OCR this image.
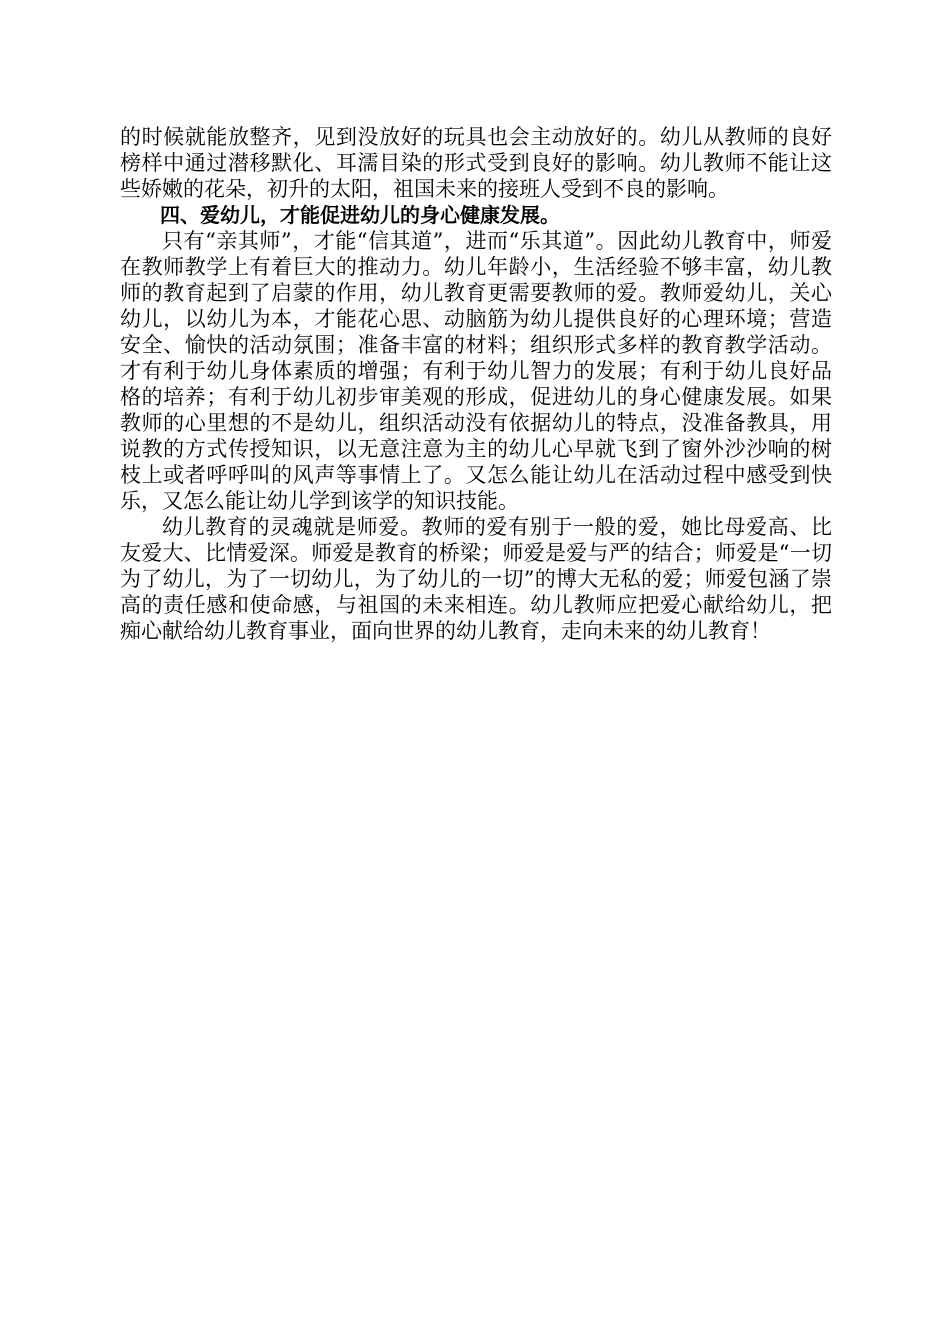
的时候就能放整齐，见到没放好的玩具也会主动放好的。幼儿从教师的良好榜样中通过潜移默化、耳濡目染的形式受到良好的影响。幼儿教师不能让这些娇嫩的花朵，初升的太阳，祖国未来的接班人受到不良的影响。

四、爱幼儿，才能促进幼儿的身心健康发展。

只有“亲其师”，才能“信其道”，进而“乐其道”。因此幼儿教育中，师爱在教师教学上有着巨大的推动力。幼儿年龄小，生活经验不够丰富，幼儿教师的教育起到了启蒙的作用，幼儿教育更需要教师的爱。教师爱幼儿，关心幼儿，以幼儿为本，才能花心思、动脑筋为幼儿提供良好的心理环境；营造安全、愉快的活动氛围；准备丰富的材料；组织形式多样的教育教学活动。才有利于幼儿身体素质的增强；有利于幼儿智力的发展；有利于幼儿良好品格的培养；有利于幼儿初步审美观的形成，促进幼儿的身心健康发展。如果教师的心里想的不是幼儿，组织活动没有依据幼儿的特点，没准备教具，用说教的方式传授知识，以无意注意为主的幼儿心早就飞到了窗外沙沙响的树枝上或者呼呼叫的风声等事情上了。又怎么能让幼儿在活动过程中感受到快乐，又怎么能让幼儿学到该学的知识技能。

幼儿教育的灵魂就是师爱。教师的爱有别于一般的爱，她比母爱高、比友爱大、比情爱深。师爱是教育的桥梁；师爱是爱与严的结合；师爱是“一切为了幼儿，为了一切幼儿，为了幼儿的一切”的博大无私的爱；师爱包涵了崇高的责任感和使命感，与祖国的未来相连。幼儿教师应把爱心献给幼儿，把痴心献给幼儿教育事业，面向世界的幼儿教育，走向未来的幼儿教育！
